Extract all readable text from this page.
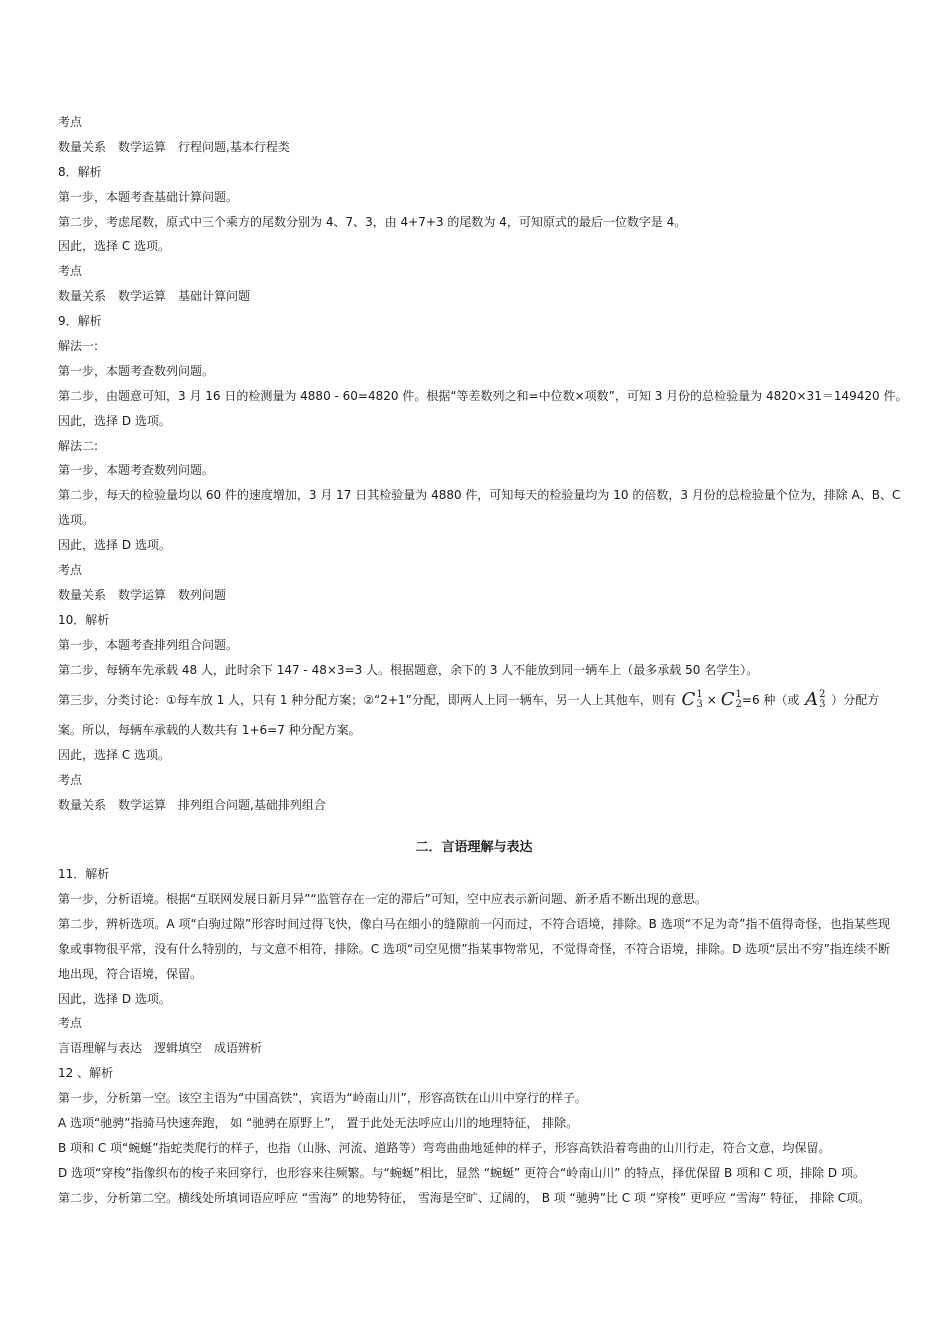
考点
数量关系　数学运算　行程问题,基本行程类
8．解析
第一步，本题考查基础计算问题。
第二步，考虑尾数，原式中三个乘方的尾数分别为 4、7、3，由 4+7+3 的尾数为 4，可知原式的最后一位数字是 4。
因此，选择 C 选项。
考点
数量关系　数学运算　基础计算问题
9．解析
解法一:
第一步，本题考查数列问题。
第二步，由题意可知，3 月 16 日的检测量为 4880 - 60=4820 件。根据“等差数列之和=中位数×项数”，可知 3 月份的总检验量为 4820×31＝149420 件。
因此，选择 D 选项。
解法二:
第一步，本题考查数列问题。
第二步，每天的检验量均以 60 件的速度增加，3 月 17 日其检验量为 4880 件，可知每天的检验量均为 10 的倍数，3 月份的总检验量个位为，排除 A、B、C
选项。
因此，选择 D 选项。
考点
数量关系　数学运算　数列问题
10．解析
第一步，本题考查排列组合问题。
第二步，每辆车先承载 48 人，此时余下 147 - 48×3=3 人。根据题意，余下的 3 人不能放到同一辆车上（最多承载 50 名学生）。
第三步，分类讨论：①每车放 1 人，只有 1 种分配方案；②“2+1”分配，即两人上同一辆车，另一人上其他车，则有 C 1
3 × C 1
2 =6 种（或 A 2
3
）分配方
案。所以，每辆车承载的人数共有 1+6=7 种分配方案。
因此，选择 C 选项。
考点
数量关系　数学运算　排列组合问题,基础排列组合
二．言语理解与表达
11．解析
第一步，分析语境。根据“互联网发展日新月异”“监管存在一定的滞后”可知，空中应表示新问题、新矛盾不断出现的意思。
第二步，辨析选项。A 项“白驹过隙”形容时间过得飞快，像白马在细小的缝隙前一闪而过，不符合语境，排除。B 选项“不足为奇”指不值得奇怪，也指某些现象或事物很平常，没有什么特别的，与文意不相符，排除。C 选项“司空见惯”指某事物常见，不觉得奇怪，不符合语境，排除。D 选项“层出不穷”指连续不断地出现，符合语境，保留。
因此，选择 D 选项。
考点
言语理解与表达　逻辑填空　成语辨析
12 、解析
第一步，分析第一空。该空主语为“中国高铁”，宾语为“岭南山川”，形容高铁在山川中穿行的样子。
A 选项“驰骋”指骑马快速奔跑， 如 “驰骋在原野上”， 置于此处无法呼应山川的地理特征， 排除。
B 项和 C 项“蜿蜒”指蛇类爬行的样子，也指（山脉、河流、道路等）弯弯曲曲地延伸的样子，形容高铁沿着弯曲的山川行走，符合文意，均保留。
D 选项“穿梭”指像织布的梭子来回穿行，也形容来往频繁。与“蜿蜒”相比，显然 “蜿蜒” 更符合“岭南山川” 的特点，择优保留 B 项和 C 项，排除 D 项。
第二步，分析第二空。横线处所填词语应呼应 “雪海” 的地势特征， 雪海是空旷、辽阔的， B 项 “驰骋”比 C 项 “穿梭” 更呼应 “雪海” 特征， 排除 C项。
